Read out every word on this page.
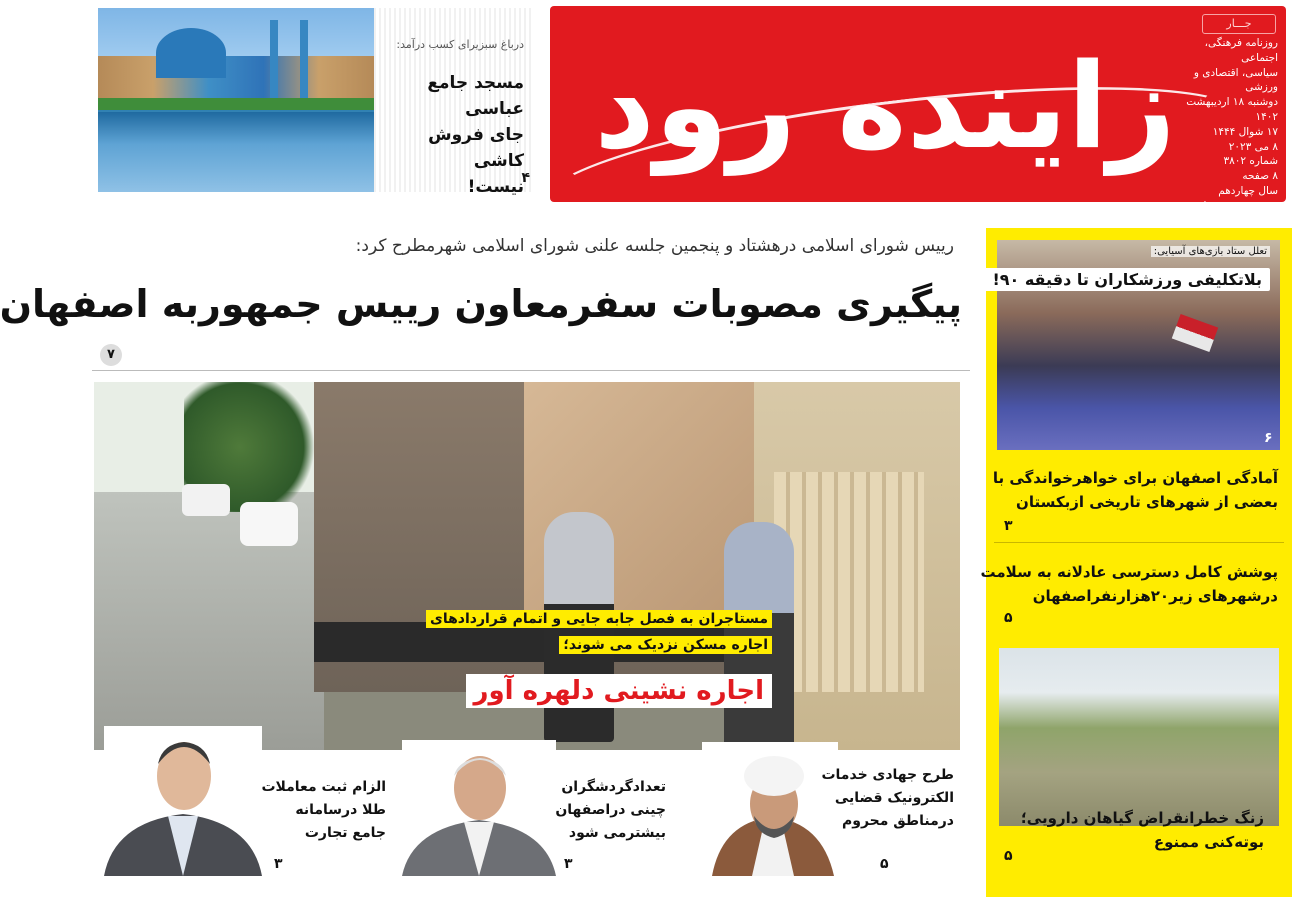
زاینده رود
جـــار
روزنامه فرهنگی، اجتماعی
سیاسی، اقتصادی و ورزشی
دوشنبه ۱۸ اردیبهشت ۱۴۰۲
۱۷ شوال ۱۴۴۴
۸ می ۲۰۲۳
شماره ۳۸۰۲
۸ صفحه
سال چهاردهم
قیمت: ۵۰۰۰ تومان
درباغ سبزیرای کسب درآمد:
مسجد جامع عباسی
جای فروش کاشی
نیست!
۴
رییس شورای اسلامی درهشتاد و پنجمین جلسه علنی شورای اسلامی شهرمطرح کرد:
پیگیری مصوبات سفرمعاون رییس جمهوربه اصفهان
۷
مستاجران به فصل جابه جایی و اتمام قراردادهای
اجاره مسکن نزدیک می شوند؛
اجاره نشینی دلهره آور
طرح جهادی خدمات
الکترونیک قضایی
درمناطق محروم
۵
تعدادگردشگران
چینی دراصفهان
بیشترمی شود
۳
الزام ثبت معاملات
طلا درسامانه
جامع تجارت
۳
تعلل ستاد بازی‌های آسیایی:
بلاتکلیفی ورزشکاران تا دقیقه ۹۰!
۶
آمادگی اصفهان برای خواهرخواندگی با
بعضی از شهرهای تاریخی ازبکستان
۳
پوشش کامل دسترسی عادلانه به سلامت
درشهرهای زیر۲۰هزارنفراصفهان
۵
زنگ خطرانقراض گیاهان دارویی؛
بوته‌کنی ممنوع
۵
